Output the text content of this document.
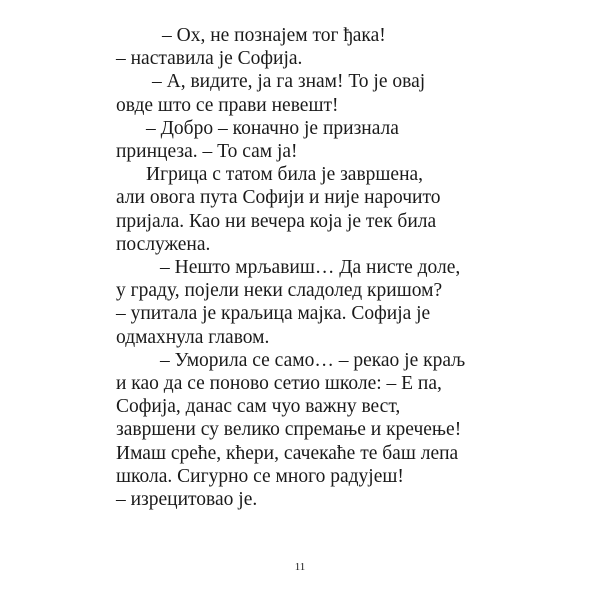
– Ох, не познајем тог ђака!
– наставила је Софија.
– А, видите, ја га знам! То је овај
овде што се прави невешт!
– Добро – коначно је признала
принцеза. – То сам ја!
Игрица с татом била је завршена,
али овога пута Софији и није нарочито
пријала. Као ни вечера која је тек била
послужена.
– Нешто мрљавиш… Да нисте доле,
у граду, појели неки сладолед кришом?
– упитала је краљица мајка. Софија је
одмахнула главом.
– Уморила се само… – рекао је краљ
и као да се поново сетио школе: – Е па,
Софија, данас сам чуо важну вест,
завршени су велико спремање и кречење!
Имаш среће, кћери, сачекаће те баш лепа
школа. Сигурно се много радујеш!
– изрецитовао је.
11
